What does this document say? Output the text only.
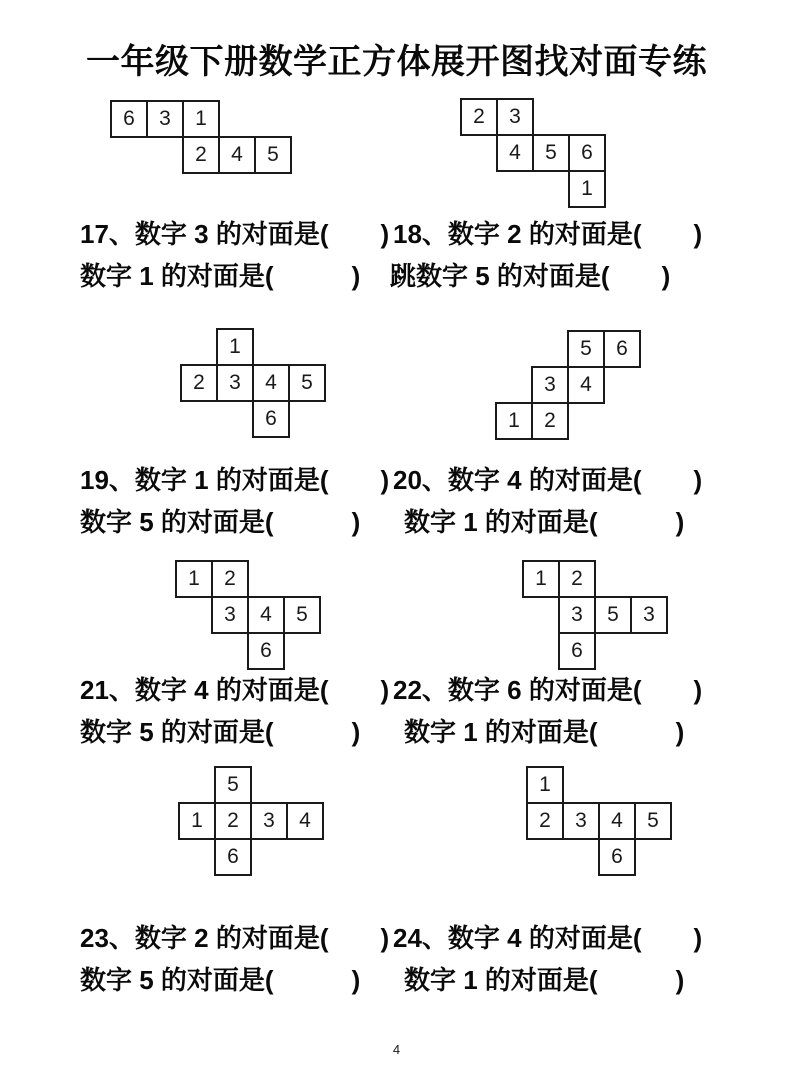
一年级下册数学正方体展开图找对面专练
6	3	1
2	4	5
2	3
4	5	6
1
1
2	3	4	5
6
5	6
3	4
1	2
1	2
3	4	5
6
1	2
3	5	3
6
5
1	2	3	4
6
1
2	3	4	5
6
17、数字 3 的对面是(　　)
数字 1 的对面是(　　　)
18、数字 2 的对面是(　　)
跳数字 5 的对面是(　　)
19、数字 1 的对面是(　　)
数字 5 的对面是(　　　)
20、数字 4 的对面是(　　)
数字 1 的对面是(　　　)
21、数字 4 的对面是(　　)
数字 5 的对面是(　　　)
22、数字 6 的对面是(　　)
数字 1 的对面是(　　　)
23、数字 2 的对面是(　　)
数字 5 的对面是(　　　)
24、数字 4 的对面是(　　)
数字 1 的对面是(　　　)
4
